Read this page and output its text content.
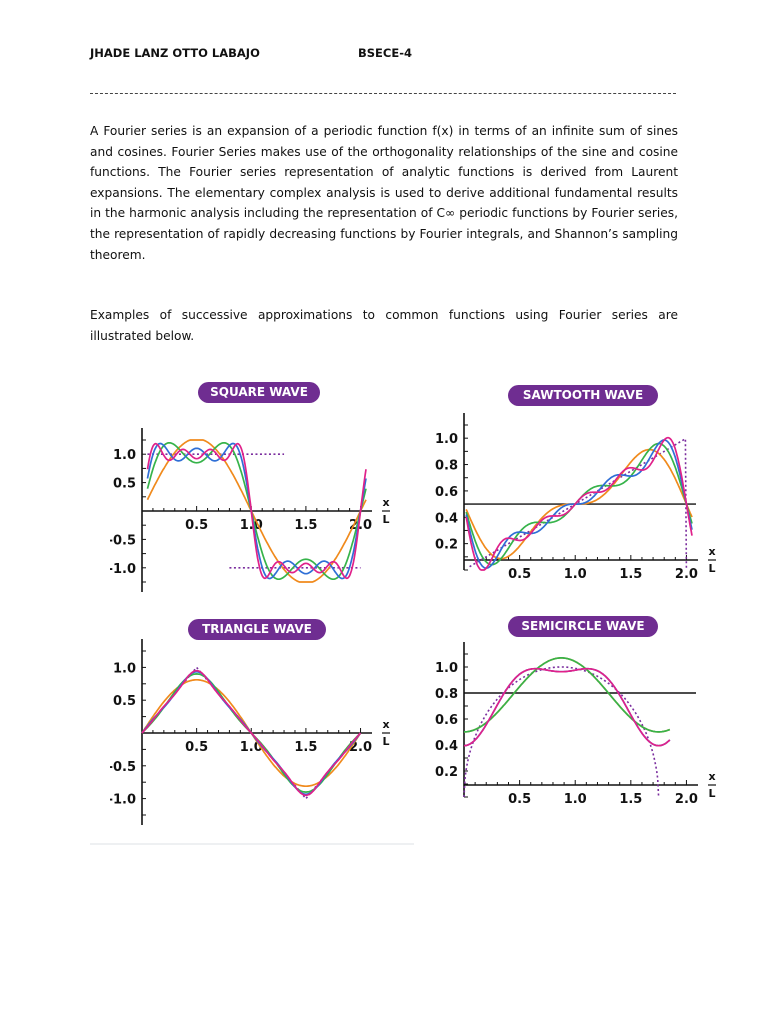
JHADE LANZ OTTO LABAJO	BSECE-4

A Fourier series is an expansion of a periodic function f(x) in terms of an infinite sum of sines and cosines. Fourier Series makes use of the orthogonality relationships of the sine and cosine functions. The Fourier series representation of analytic functions is derived from Laurent expansions. The elementary complex analysis is used to derive additional fundamental results in the harmonic analysis including the representation of C∞ periodic functions by Fourier series, the representation of rapidly decreasing functions by Fourier integrals, and Shannon’s sampling theorem.

Examples of successive approximations to common functions using Fourier series are illustrated below.

SQUARE WAVE
0.5 1.0 1.5 2.0
1.0
0.5
-0.5
-1.0
x
L
SAWTOOTH WAVE
0.5	1.0	1.5	2.0
1.0
0.8
0.6
0.4
0.2	x
L
TRIANGLE WAVE
0.5 1.0 1.5 2.0
1.0
0.5
-0.5
-1.0
x
L
SEMICIRCLE WAVE
0.5	1.0	1.5	2.0
1.0
0.8
0.6
0.4
0.2	x
L
